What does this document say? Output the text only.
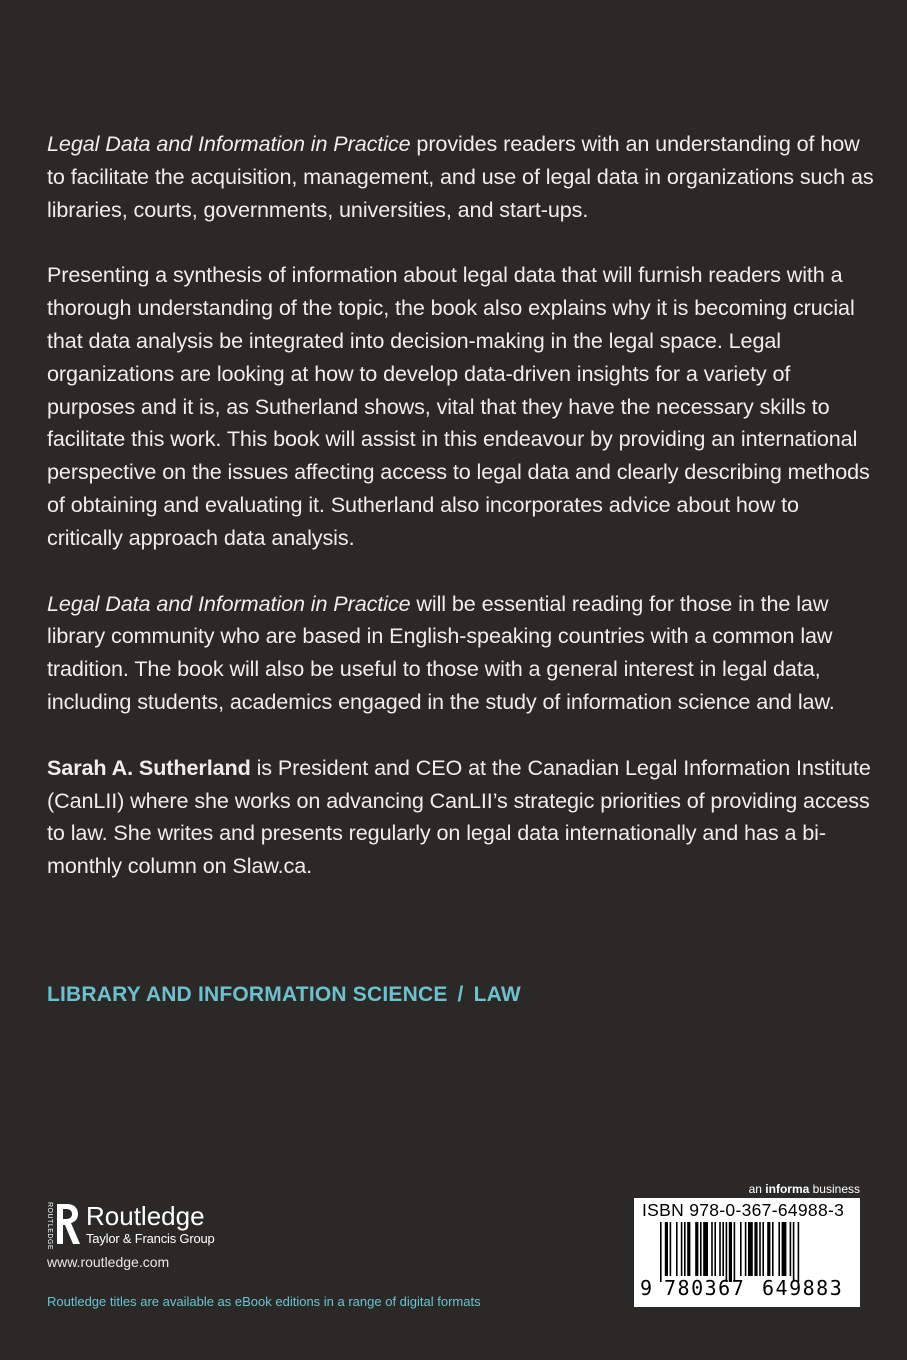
Legal Data and Information in Practice provides readers with an understanding of how to facilitate the acquisition, management, and use of legal data in organizations such as libraries, courts, governments, universities, and start-ups.

Presenting a synthesis of information about legal data that will furnish readers with a thorough understanding of the topic, the book also explains why it is becoming crucial that data analysis be integrated into decision-making in the legal space. Legal organizations are looking at how to develop data-driven insights for a variety of purposes and it is, as Sutherland shows, vital that they have the necessary skills to facilitate this work. This book will assist in this endeavour by providing an international perspective on the issues affecting access to legal data and clearly describing methods of obtaining and evaluating it. Sutherland also incorporates advice about how to critically approach data analysis.

Legal Data and Information in Practice will be essential reading for those in the law library community who are based in English-speaking countries with a common law tradition. The book will also be useful to those with a general interest in legal data, including students, academics engaged in the study of information science and law.

Sarah A. Sutherland is President and CEO at the Canadian Legal Information Institute (CanLII) where she works on advancing CanLII’s strategic priorities of providing access to law. She writes and presents regularly on legal data internationally and has a bi-monthly column on Slaw.ca.

LIBRARY AND INFORMATION SCIENCE / LAW
ROUTLEDGE Routledge
Taylor & Francis Group
www.routledge.com
Routledge titles are available as eBook editions in a range of digital formats
an informa business
ISBN 978-0-367-64988-3
9 780367 649883
